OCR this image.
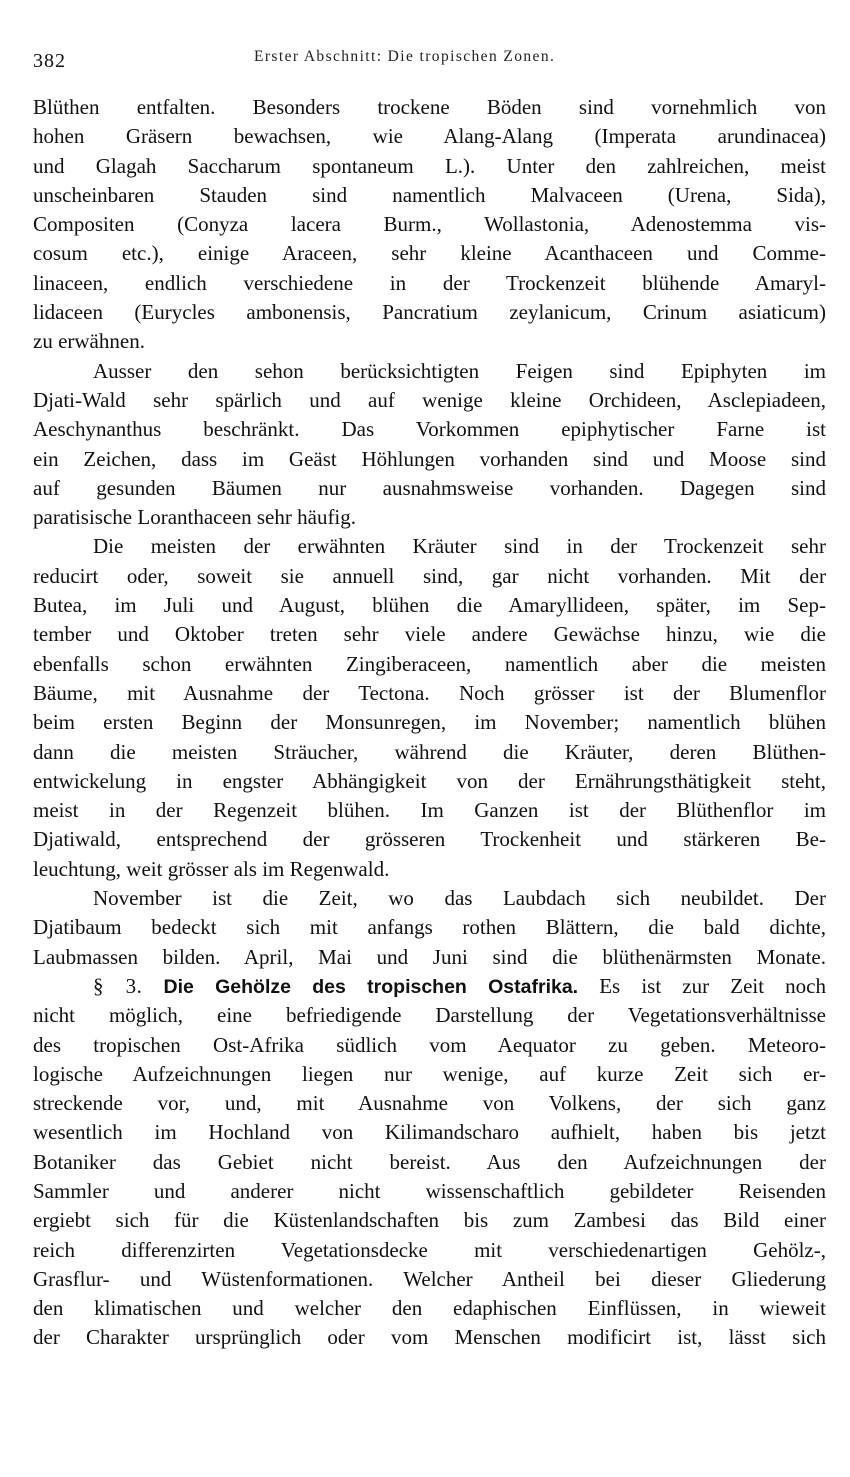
382	Erster Abschnitt: Die tropischen Zonen.
Blüthen entfalten. Besonders trockene Böden sind vornehmlich von
hohen Gräsern bewachsen, wie Alang-Alang (Imperata arundinacea)
und Glagah Saccharum spontaneum L.). Unter den zahlreichen, meist
unscheinbaren Stauden sind namentlich Malvaceen (Urena, Sida),
Compositen (Conyza lacera Burm., Wollastonia, Adenostemma vis-
cosum etc.), einige Araceen, sehr kleine Acanthaceen und Comme-
linaceen, endlich verschiedene in der Trockenzeit blühende Amaryl-
lidaceen (Eurycles ambonensis, Pancratium zeylanicum, Crinum asiaticum)
zu erwähnen.
Ausser den sehon berücksichtigten Feigen sind Epiphyten im
Djati-Wald sehr spärlich und auf wenige kleine Orchideen, Asclepiadeen,
Aeschynanthus beschränkt. Das Vorkommen epiphytischer Farne ist
ein Zeichen, dass im Geäst Höhlungen vorhanden sind und Moose sind
auf gesunden Bäumen nur ausnahmsweise vorhanden. Dagegen sind
paratisische Loranthaceen sehr häufig.
Die meisten der erwähnten Kräuter sind in der Trockenzeit sehr
reducirt oder, soweit sie annuell sind, gar nicht vorhanden. Mit der
Butea, im Juli und August, blühen die Amaryllideen, später, im Sep-
tember und Oktober treten sehr viele andere Gewächse hinzu, wie die
ebenfalls schon erwähnten Zingiberaceen, namentlich aber die meisten
Bäume, mit Ausnahme der Tectona. Noch grösser ist der Blumenflor
beim ersten Beginn der Monsunregen, im November; namentlich blühen
dann die meisten Sträucher, während die Kräuter, deren Blüthen-
entwickelung in engster Abhängigkeit von der Ernährungsthätigkeit steht,
meist in der Regenzeit blühen. Im Ganzen ist der Blüthenflor im
Djatiwald, entsprechend der grösseren Trockenheit und stärkeren Be-
leuchtung, weit grösser als im Regenwald.
November ist die Zeit, wo das Laubdach sich neubildet. Der
Djatibaum bedeckt sich mit anfangs rothen Blättern, die bald dichte,
Laubmassen bilden. April, Mai und Juni sind die blüthenärmsten Monate.
§ 3. Die Gehölze des tropischen Ostafrika. Es ist zur Zeit noch
nicht möglich, eine befriedigende Darstellung der Vegetationsverhältnisse
des tropischen Ost-Afrika südlich vom Aequator zu geben. Meteoro-
logische Aufzeichnungen liegen nur wenige, auf kurze Zeit sich er-
streckende vor, und, mit Ausnahme von Volkens, der sich ganz
wesentlich im Hochland von Kilimandscharo aufhielt, haben bis jetzt
Botaniker das Gebiet nicht bereist. Aus den Aufzeichnungen der
Sammler und anderer nicht wissenschaftlich gebildeter Reisenden
ergiebt sich für die Küstenlandschaften bis zum Zambesi das Bild einer
reich differenzirten Vegetationsdecke mit verschiedenartigen Gehölz-,
Grasflur- und Wüstenformationen. Welcher Antheil bei dieser Gliederung
den klimatischen und welcher den edaphischen Einflüssen, in wieweit
der Charakter ursprünglich oder vom Menschen modificirt ist, lässt sich
